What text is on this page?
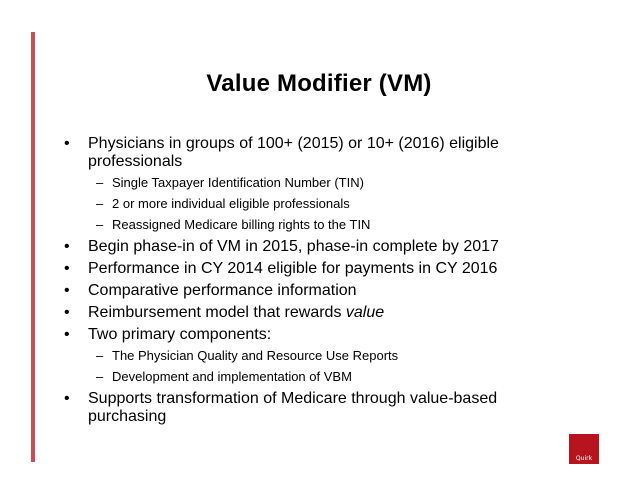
Value Modifier (VM)
•	Physicians in groups of 100+ (2015) or 10+ (2016) eligible professionals
– Single Taxpayer Identification Number (TIN)
– 2 or more individual eligible professionals
– Reassigned Medicare billing rights to the TIN
•	Begin phase-in of VM in 2015, phase-in complete by 2017
•	Performance in CY 2014 eligible for payments in CY 2016
•	Comparative performance information
•	Reimbursement model that rewards value
•	Two primary components:
– The Physician Quality and Resource Use Reports
– Development and implementation of VBM
•	Supports transformation of Medicare through value-based purchasing
Quirk
